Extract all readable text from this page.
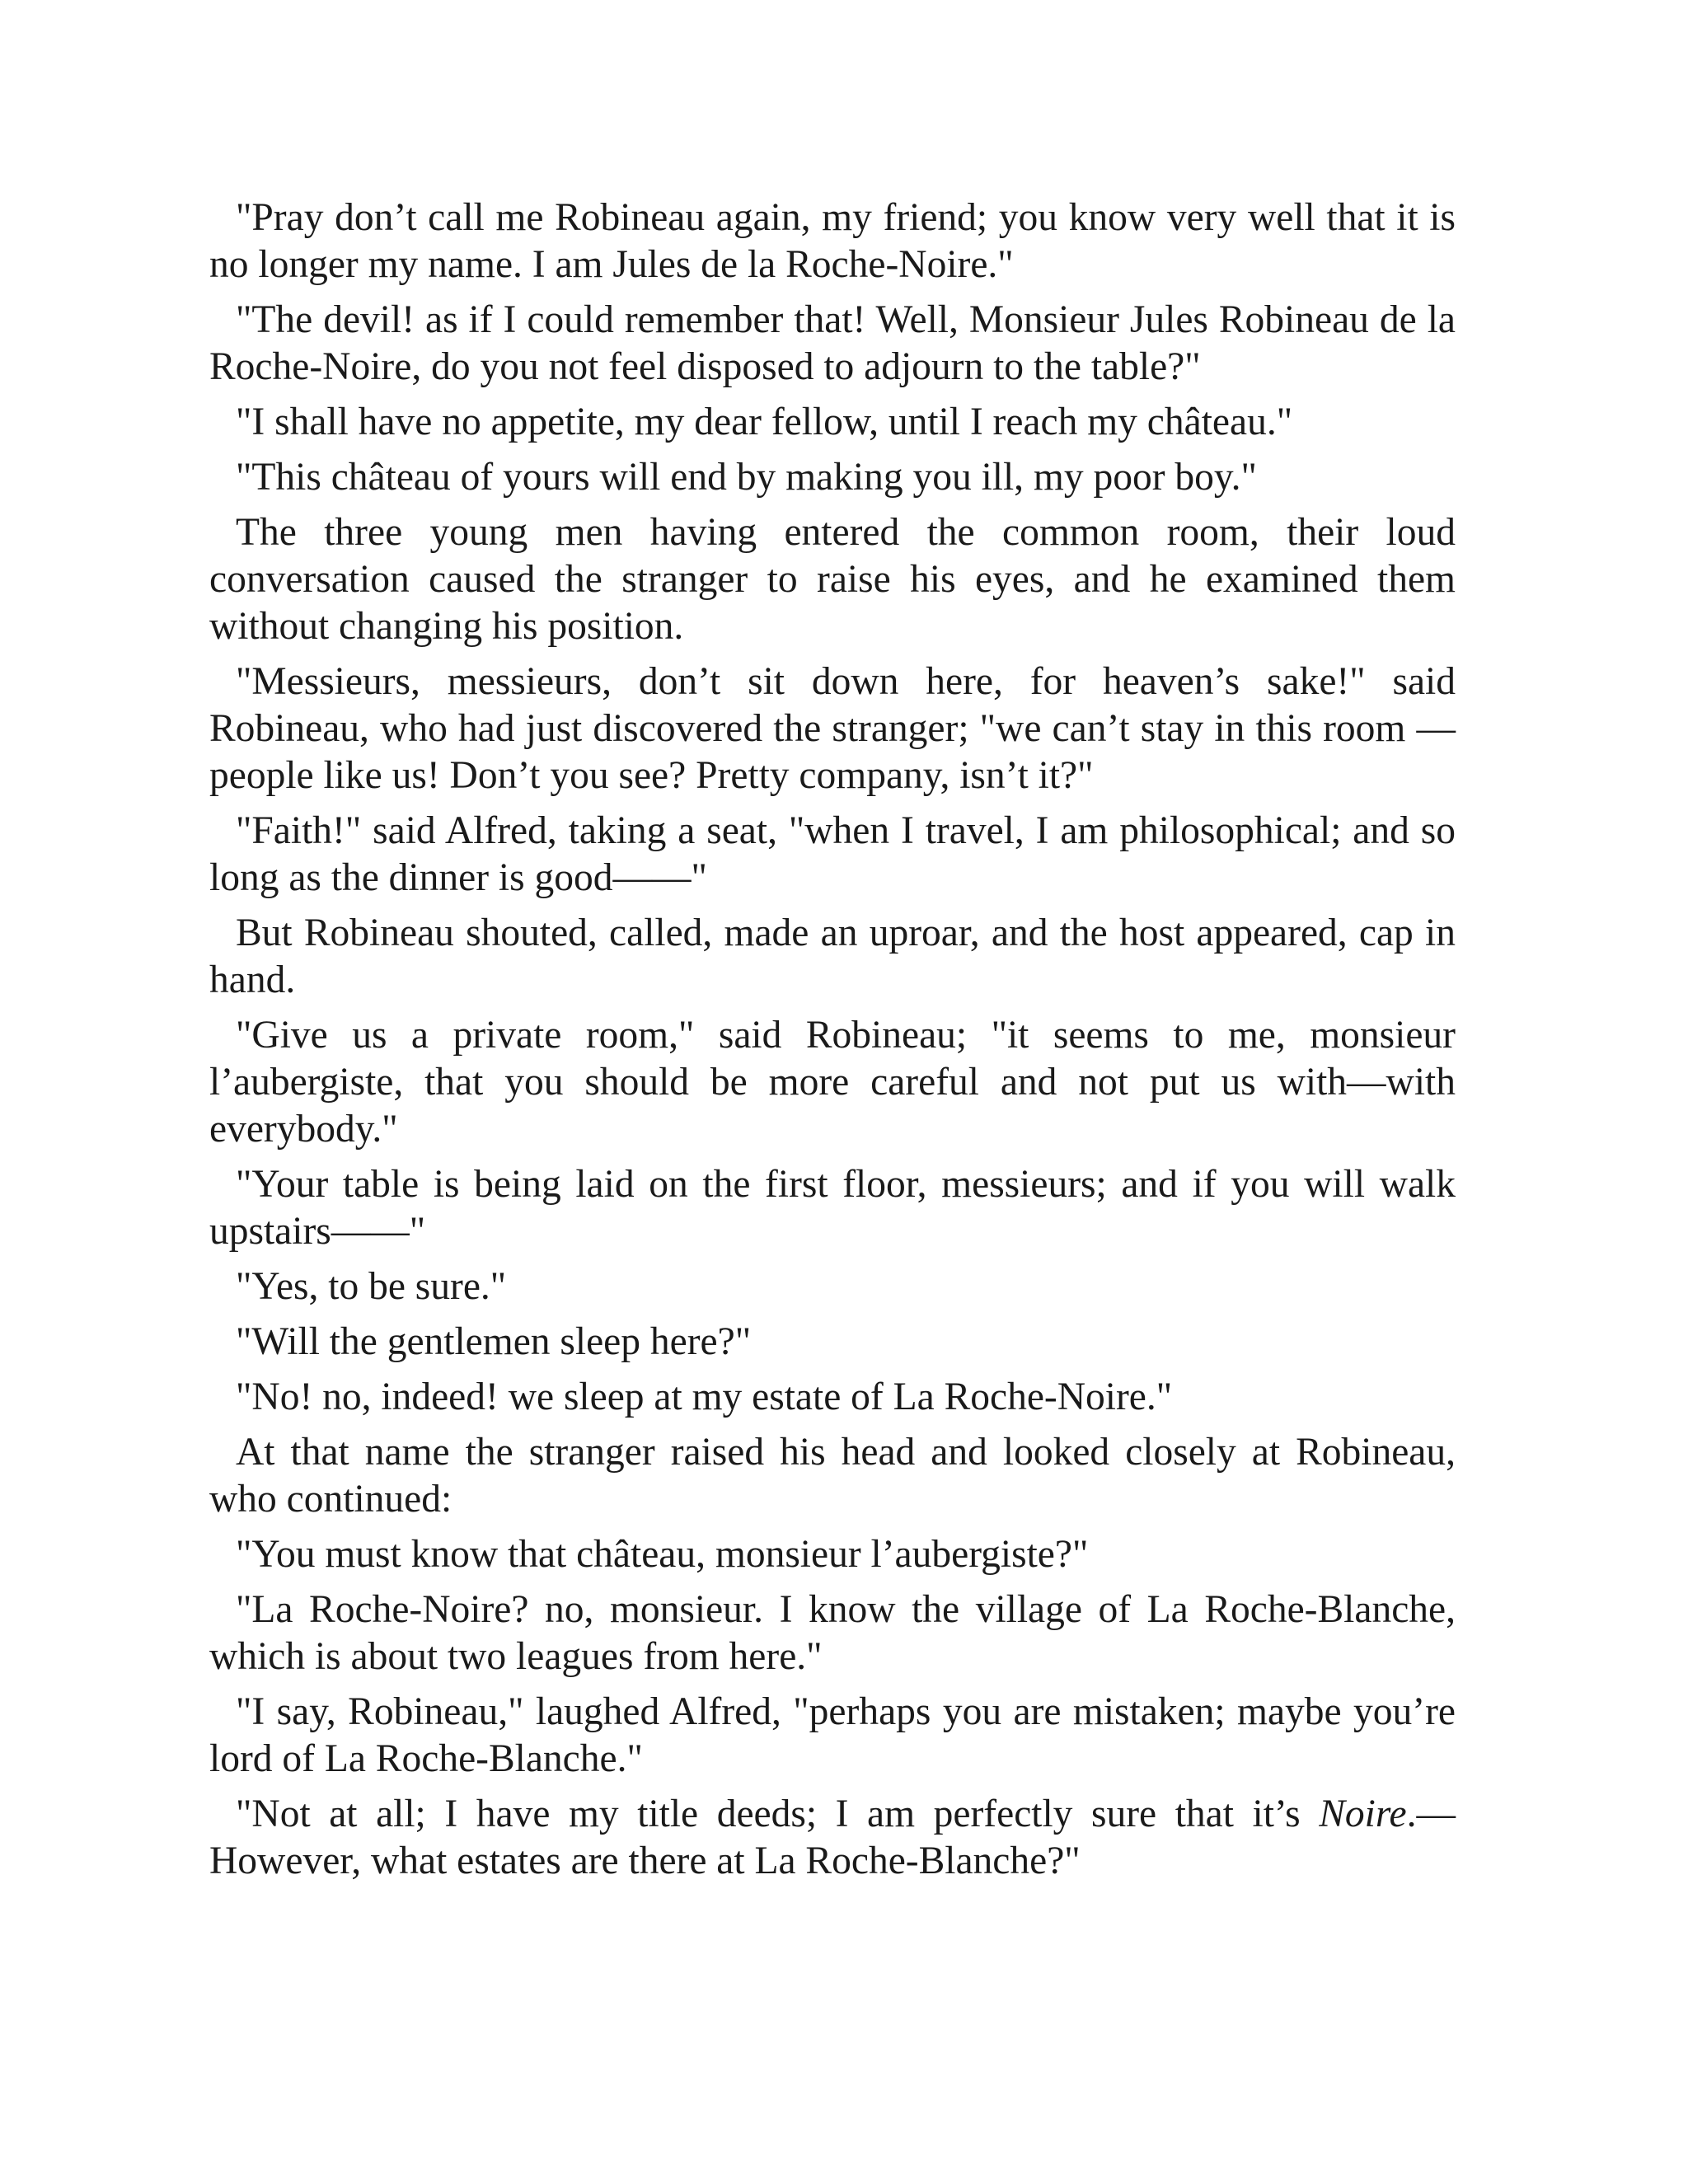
"Pray don’t call me Robineau again, my friend; you know very well that it is no longer my name. I am Jules de la Roche-Noire."

"The devil! as if I could remember that! Well, Monsieur Jules Robineau de la Roche-Noire, do you not feel disposed to adjourn to the table?"

"I shall have no appetite, my dear fellow, until I reach my château."

"This château of yours will end by making you ill, my poor boy."

The three young men having entered the common room, their loud conversation caused the stranger to raise his eyes, and he examined them without changing his position.

"Messieurs, messieurs, don’t sit down here, for heaven’s sake!" said Robineau, who had just discovered the stranger; "we can’t stay in this room —people like us! Don’t you see? Pretty company, isn’t it?"

"Faith!" said Alfred, taking a seat, "when I travel, I am philosophical; and so long as the dinner is good——"

But Robineau shouted, called, made an uproar, and the host appeared, cap in hand.

"Give us a private room," said Robineau; "it seems to me, monsieur l’aubergiste, that you should be more careful and not put us with—with everybody."

"Your table is being laid on the first floor, messieurs; and if you will walk upstairs——"

"Yes, to be sure."

"Will the gentlemen sleep here?"

"No! no, indeed! we sleep at my estate of La Roche-Noire."

At that name the stranger raised his head and looked closely at Robineau, who continued:

"You must know that château, monsieur l’aubergiste?"

"La Roche-Noire? no, monsieur. I know the village of La Roche-Blanche, which is about two leagues from here."

"I say, Robineau," laughed Alfred, "perhaps you are mistaken; maybe you’re lord of La Roche-Blanche."

"Not at all; I have my title deeds; I am perfectly sure that it’s Noire.— However, what estates are there at La Roche-Blanche?"
